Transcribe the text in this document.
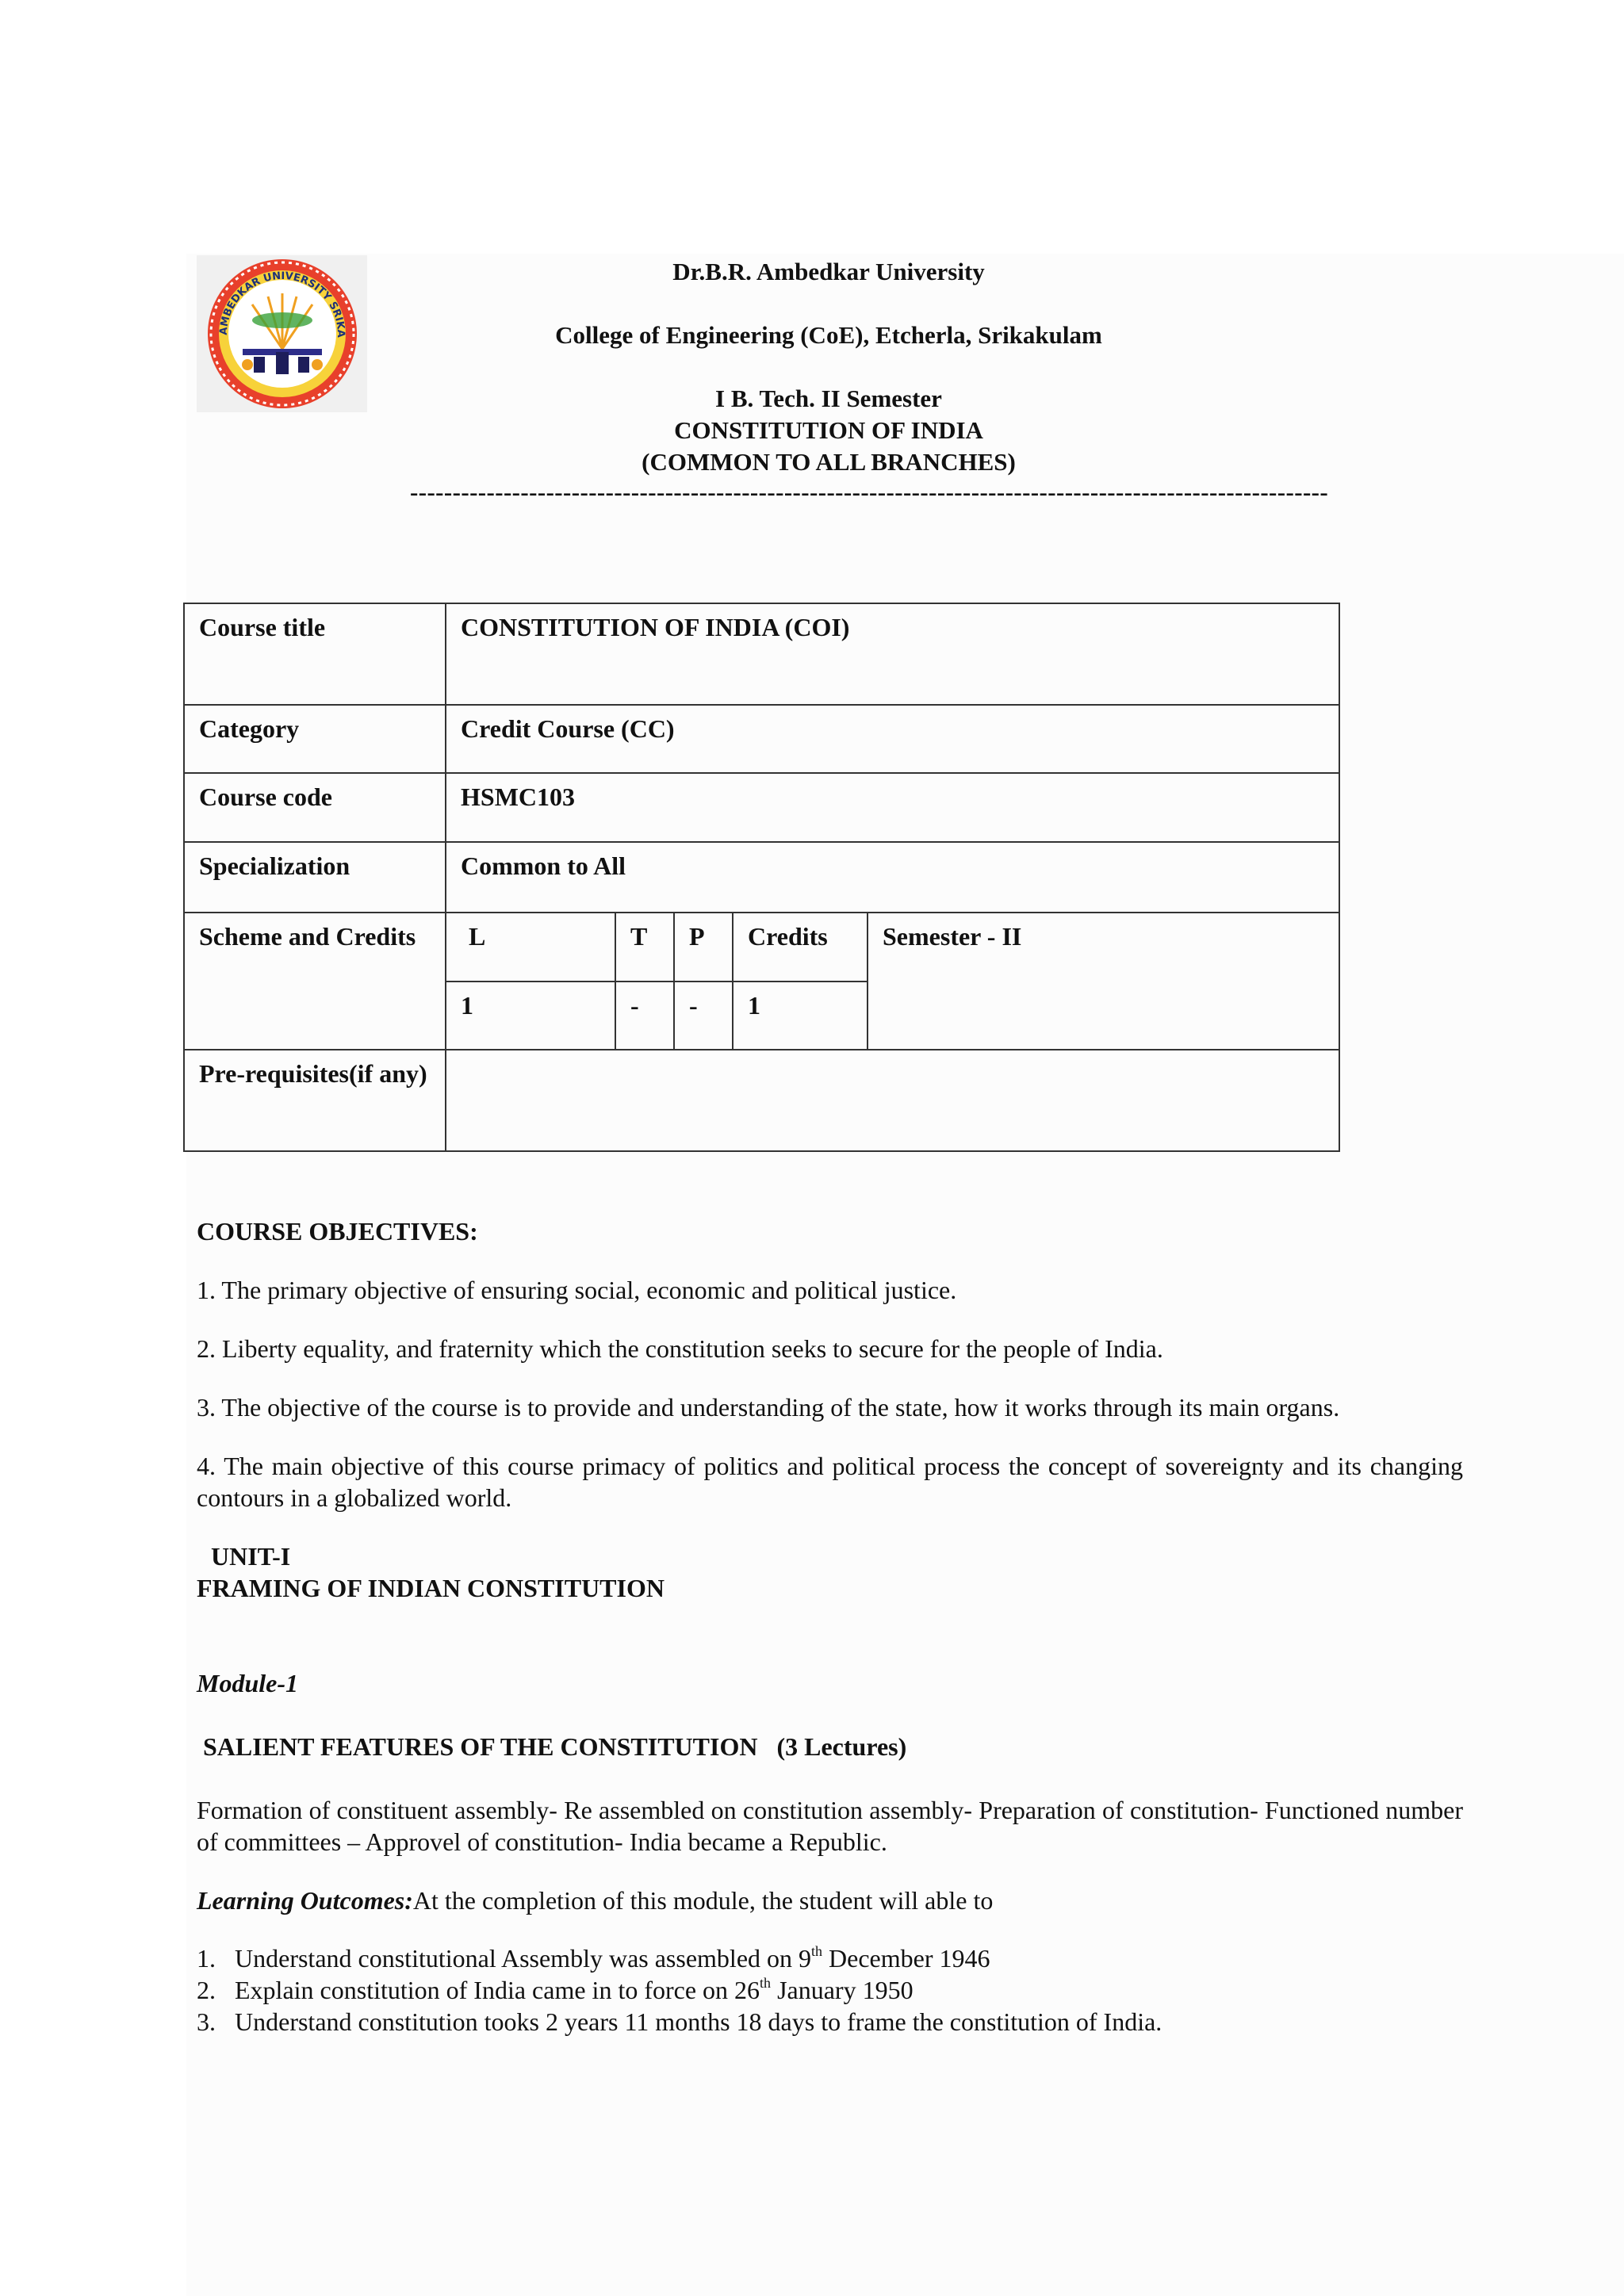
AMBEDKAR UNIVERSITY SRIKA
Dr.B.R. Ambedkar University
College of Engineering (CoE), Etcherla, Srikakulam
I B. Tech. II Semester
CONSTITUTION OF INDIA
(COMMON TO ALL BRANCHES)
------------------------------------------------------------------------------------------------------------
Course title	CONSTITUTION OF INDIA (COI)				
Category	Credit Course (CC)				
Course code	HSMC103				
Specialization	Common to All				
Scheme and Credits	L	T	P	Credits	Semester - II
	1	-	-	1	
Pre-requisites(if any)					
COURSE OBJECTIVES:
1. The primary objective of ensuring social, economic and political justice.
2. Liberty equality, and fraternity which the constitution seeks to secure for the people of India.
3. The objective of the course is to provide and understanding of the state, how it works through its main organs.
4. The main objective of this course primacy of politics and political process the concept of sovereignty and its changing contours in a globalized world.
UNIT-I
FRAMING OF INDIAN CONSTITUTION
Module-1
SALIENT FEATURES OF THE CONSTITUTION   (3 Lectures)
Formation of constituent assembly- Re assembled on constitution assembly- Preparation of constitution- Functioned number of committees – Approvel of constitution- India became a Republic.
Learning Outcomes:At the completion of this module, the student will able to
1. Understand constitutional Assembly was assembled on 9th December 1946
2. Explain constitution of India came in to force on 26th January 1950
3. Understand constitution tooks 2 years 11 months 18 days to frame the constitution of India.
